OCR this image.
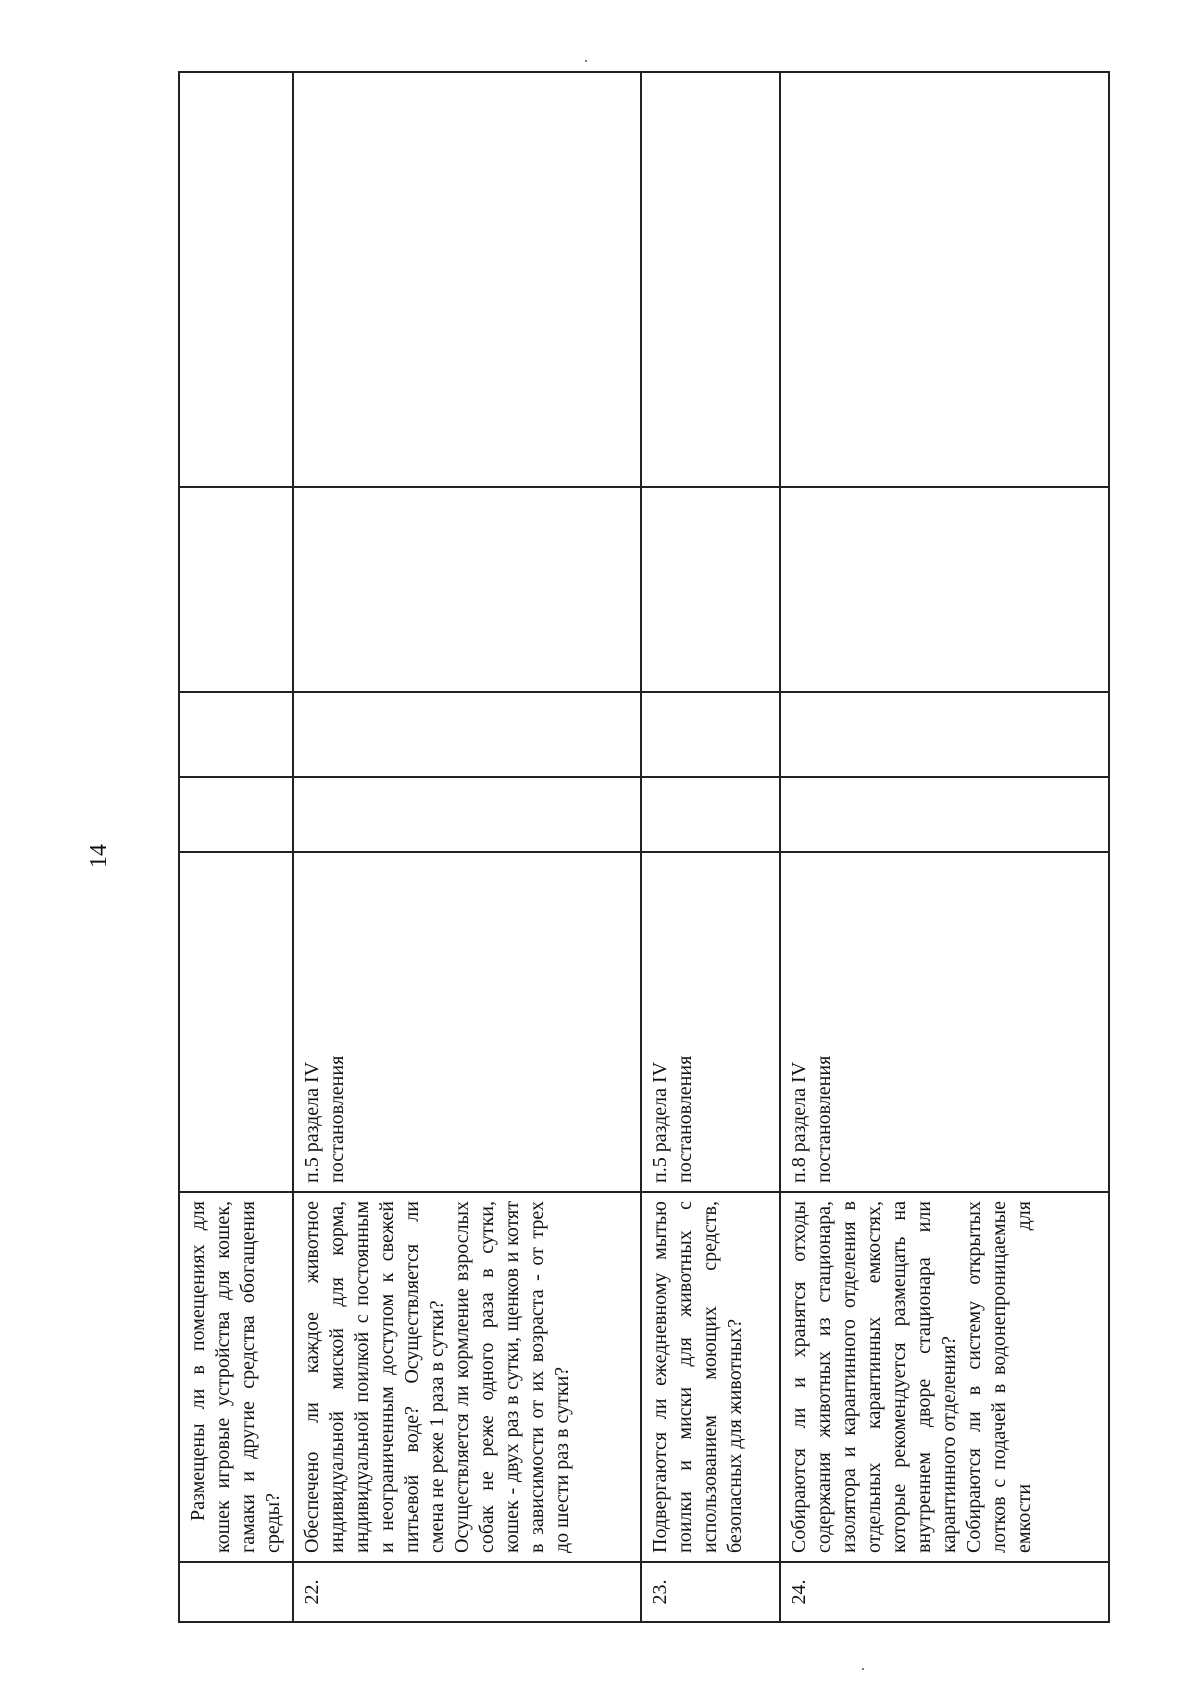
14

	Размещены ли в помещениях для кошек игровые устройства для кошек, гамаки и другие средства обогащения среды?					

22.	Обеспечено ли каждое животное индивидуальной миской для корма, индивидуальной поилкой с постоянным и неограниченным доступом к свежей питьевой воде? Осуществляется ли смена не реже 1 раза в сутки? Осуществляется ли кормление взрослых собак не реже одного раза в сутки, кошек - двух раз в сутки, щенков и котят в зависимости от их возраста - от трех до шести раз в сутки?	п.5 раздела IV постановления				

23.	Подвергаются ли ежедневному мытью поилки и миски для животных с использованием моющих средств, безопасных для животных?	п.5 раздела IV постановления				

24.	Собираются ли и хранятся отходы содержания животных из стационара, изолятора и карантинного отделения в отдельных карантинных емкостях, которые рекомендуется размещать на внутреннем дворе стационара или карантинного отделения? Собираются ли в систему открытых лотков с подачей в водонепроницаемые емкости для	п.8 раздела IV постановления				
